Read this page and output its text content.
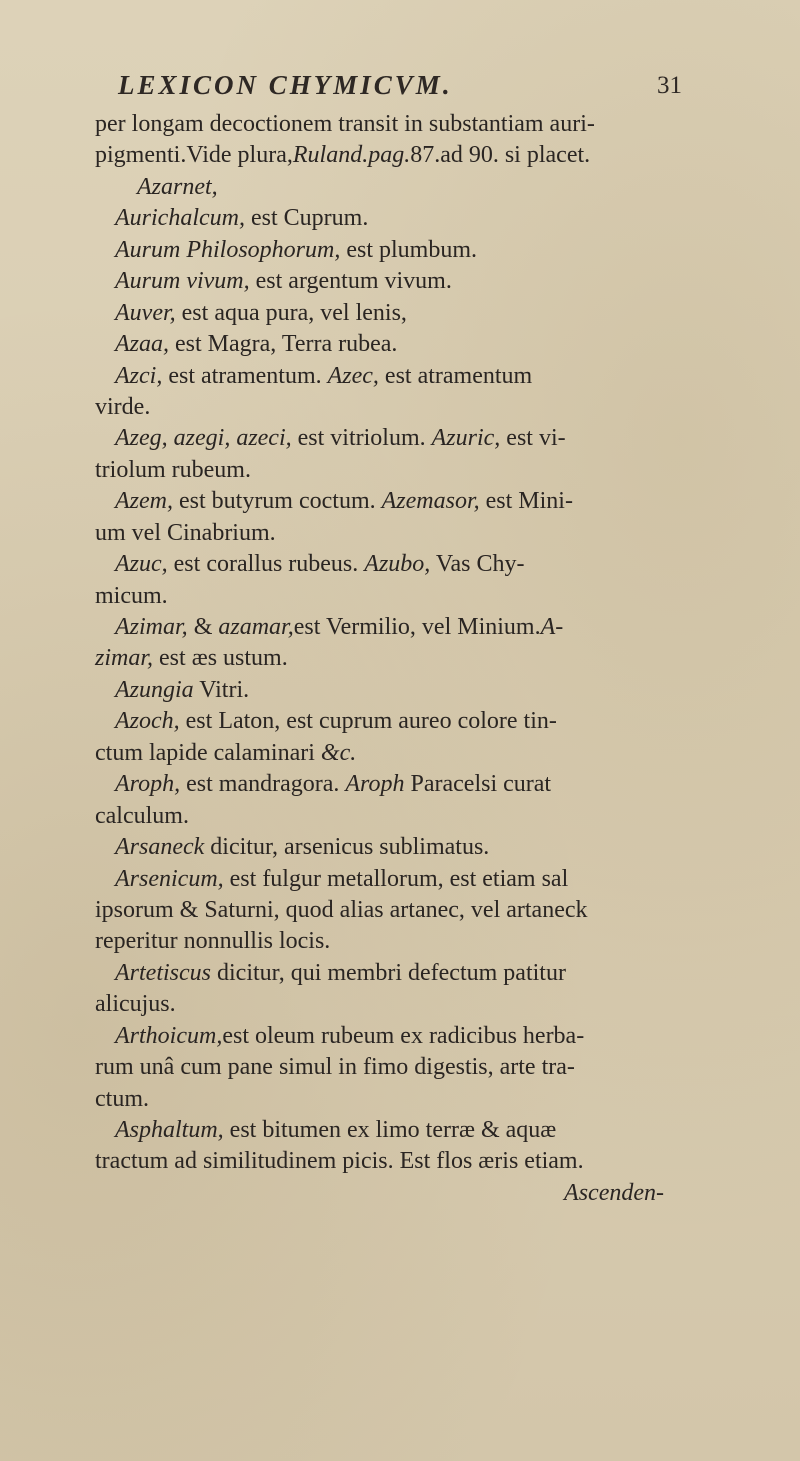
LEXICON CHYMICVM.	31
per longam decoctionem transit in substantiam auri-
pigmenti.Vide plura,Ruland.pag.87.ad 90. si placet.
Azarnet,
Aurichalcum, est Cuprum.
Aurum Philosophorum, est plumbum.
Aurum vivum, est argentum vivum.
Auver, est aqua pura, vel lenis,
Azaa, est Magra, Terra rubea.
Azci, est atramentum. Azec, est atramentum
virde.
Azeg, azegi, azeci, est vitriolum. Azuric, est vi-
triolum rubeum.
Azem, est butyrum coctum. Azemasor, est Mini-
um vel Cinabrium.
Azuc, est corallus rubeus. Azubo, Vas Chy-
micum.
Azimar, & azamar,est Vermilio, vel Minium.A-
zimar, est æs ustum.
Azungia Vitri.
Azoch, est Laton, est cuprum aureo colore tin-
ctum lapide calaminari &c.
Aroph, est mandragora. Aroph Paracelsi curat
calculum.
Arsaneck dicitur, arsenicus sublimatus.
Arsenicum, est fulgur metallorum, est etiam sal
ipsorum & Saturni, quod alias artanec, vel artaneck
reperitur nonnullis locis.
Artetiscus dicitur, qui membri defectum patitur
alicujus.
Arthoicum,est oleum rubeum ex radicibus herba-
rum unâ cum pane simul in fimo digestis, arte tra-
ctum.
Asphaltum, est bitumen ex limo terræ & aquæ
tractum ad similitudinem picis. Est flos æris etiam.
Ascenden-
